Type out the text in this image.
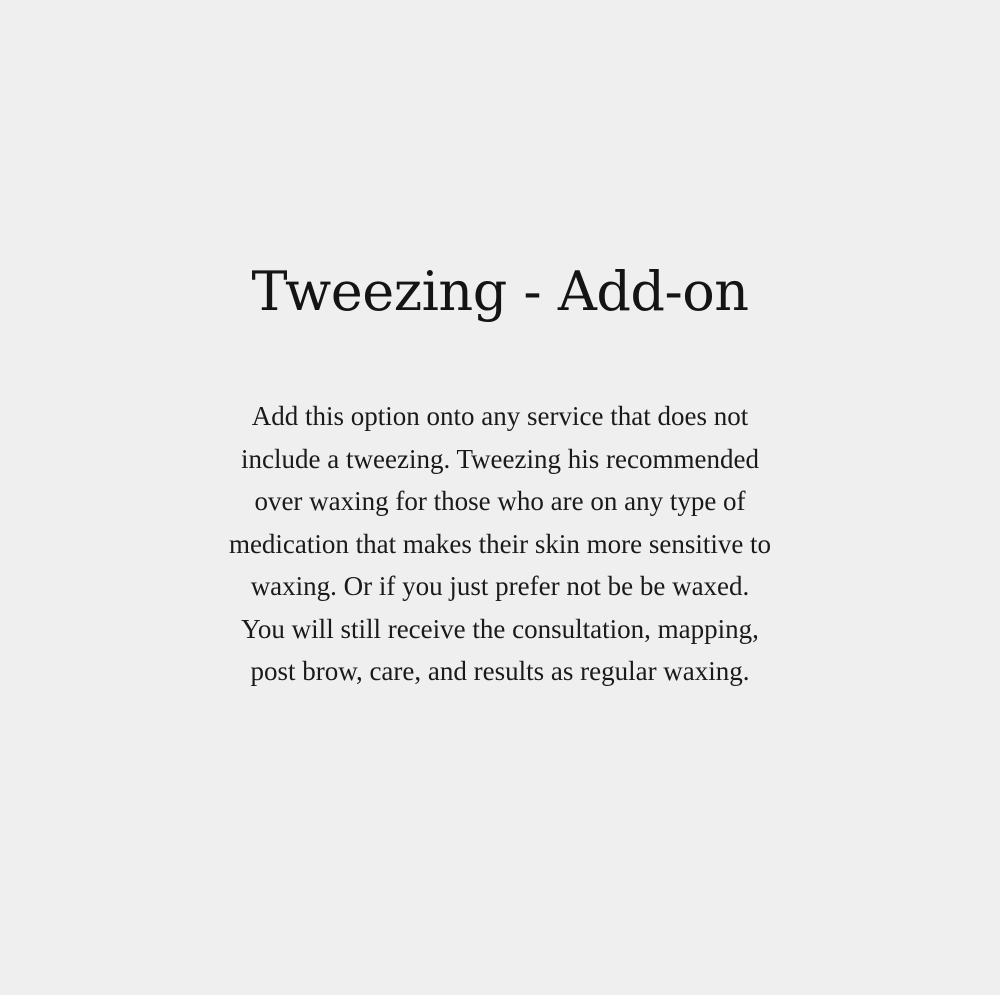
Tweezing - Add-on

Add this option onto any service that does not
include a tweezing. Tweezing his recommended
over waxing for those who are on any type of
medication that makes their skin more sensitive to
waxing. Or if you just prefer not be be waxed.
You will still receive the consultation, mapping,
post brow, care, and results as regular waxing.
